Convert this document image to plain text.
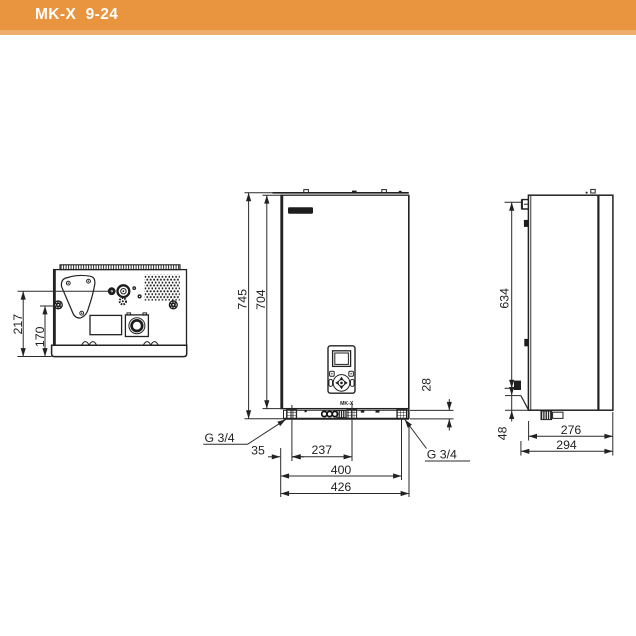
MK-X  9-24
217
170
MK-X
745 704
28
35	237
400
426
G 3/4
G 3/4
634
48	276
294
